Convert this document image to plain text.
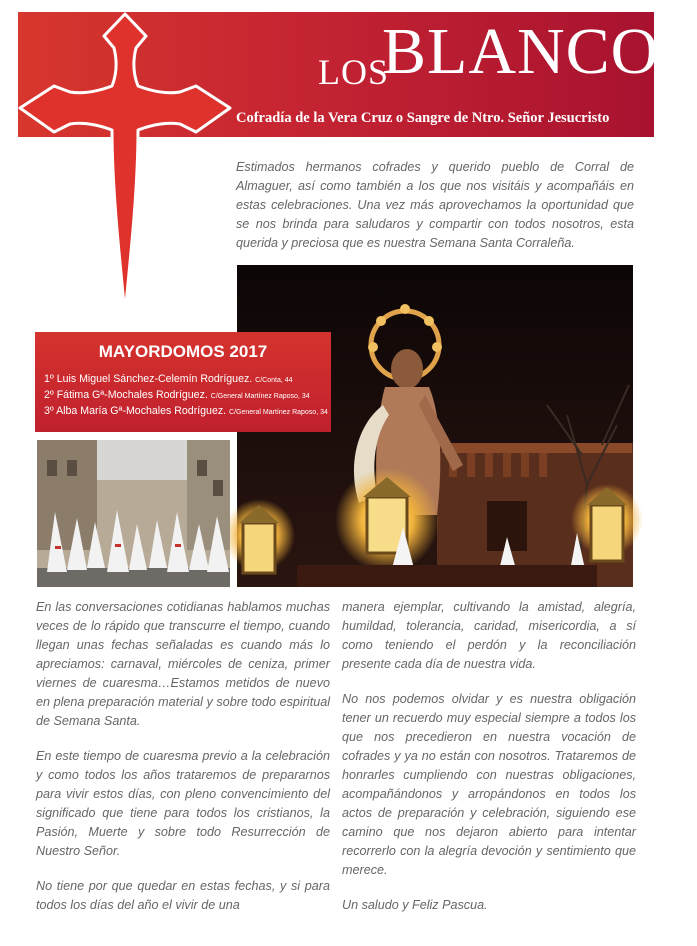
LOS
BLANCOS
Cofradía de la Vera Cruz o Sangre de Ntro. Señor Jesucristo
Estimados hermanos cofrades y querido pueblo de Corral de Almaguer, así como también a los que nos visitáis y acompañáis en estas celebraciones. Una vez más aprovechamos la oportunidad que se nos brinda para saludaros y compartir con todos nosotros, esta querida y preciosa que es nuestra Semana Santa Corraleña.
MAYORDOMOS 2017
1º Luis Miguel Sánchez-Celemín Rodríguez. C/Conta, 44
2º Fátima Gª-Mochales Rodríguez. C/General Martínez Raposo, 34
3º Alba María Gª-Mochales Rodríguez. C/General Martínez Raposo, 34

En las conversaciones cotidianas hablamos muchas veces de lo rápido que transcurre el tiempo, cuando llegan unas fechas señaladas es cuando más lo apreciamos: carnaval, miércoles de ceniza, primer viernes de cuaresma…Estamos metidos de nuevo en plena preparación material y sobre todo espiritual de Semana Santa.

En este tiempo de cuaresma previo a la celebración y como todos los años trataremos de prepararnos para vivir estos días, con pleno convencimiento del significado que tiene para todos los cristianos, la Pasión, Muerte y sobre todo Resurrección de Nuestro Señor.

No tiene por que quedar en estas fechas, y si para todos los días del año el vivir de una

manera ejemplar, cultivando la amistad, alegría, humildad, tolerancia, caridad, misericordia, a sí como teniendo el perdón y la reconciliación presente cada día de nuestra vida.

No nos podemos olvidar y es nuestra obligación tener un recuerdo muy especial siempre a todos los que nos precedieron en nuestra vocación de cofrades y ya no están con nosotros. Trataremos de honrarles cumpliendo con nuestras obligaciones, acompañándonos y arropándonos en todos los actos de preparación y celebración, siguiendo ese camino que nos dejaron abierto para intentar recorrerlo con la alegría devoción y sentimiento que merece.

Un saludo y Feliz Pascua.
